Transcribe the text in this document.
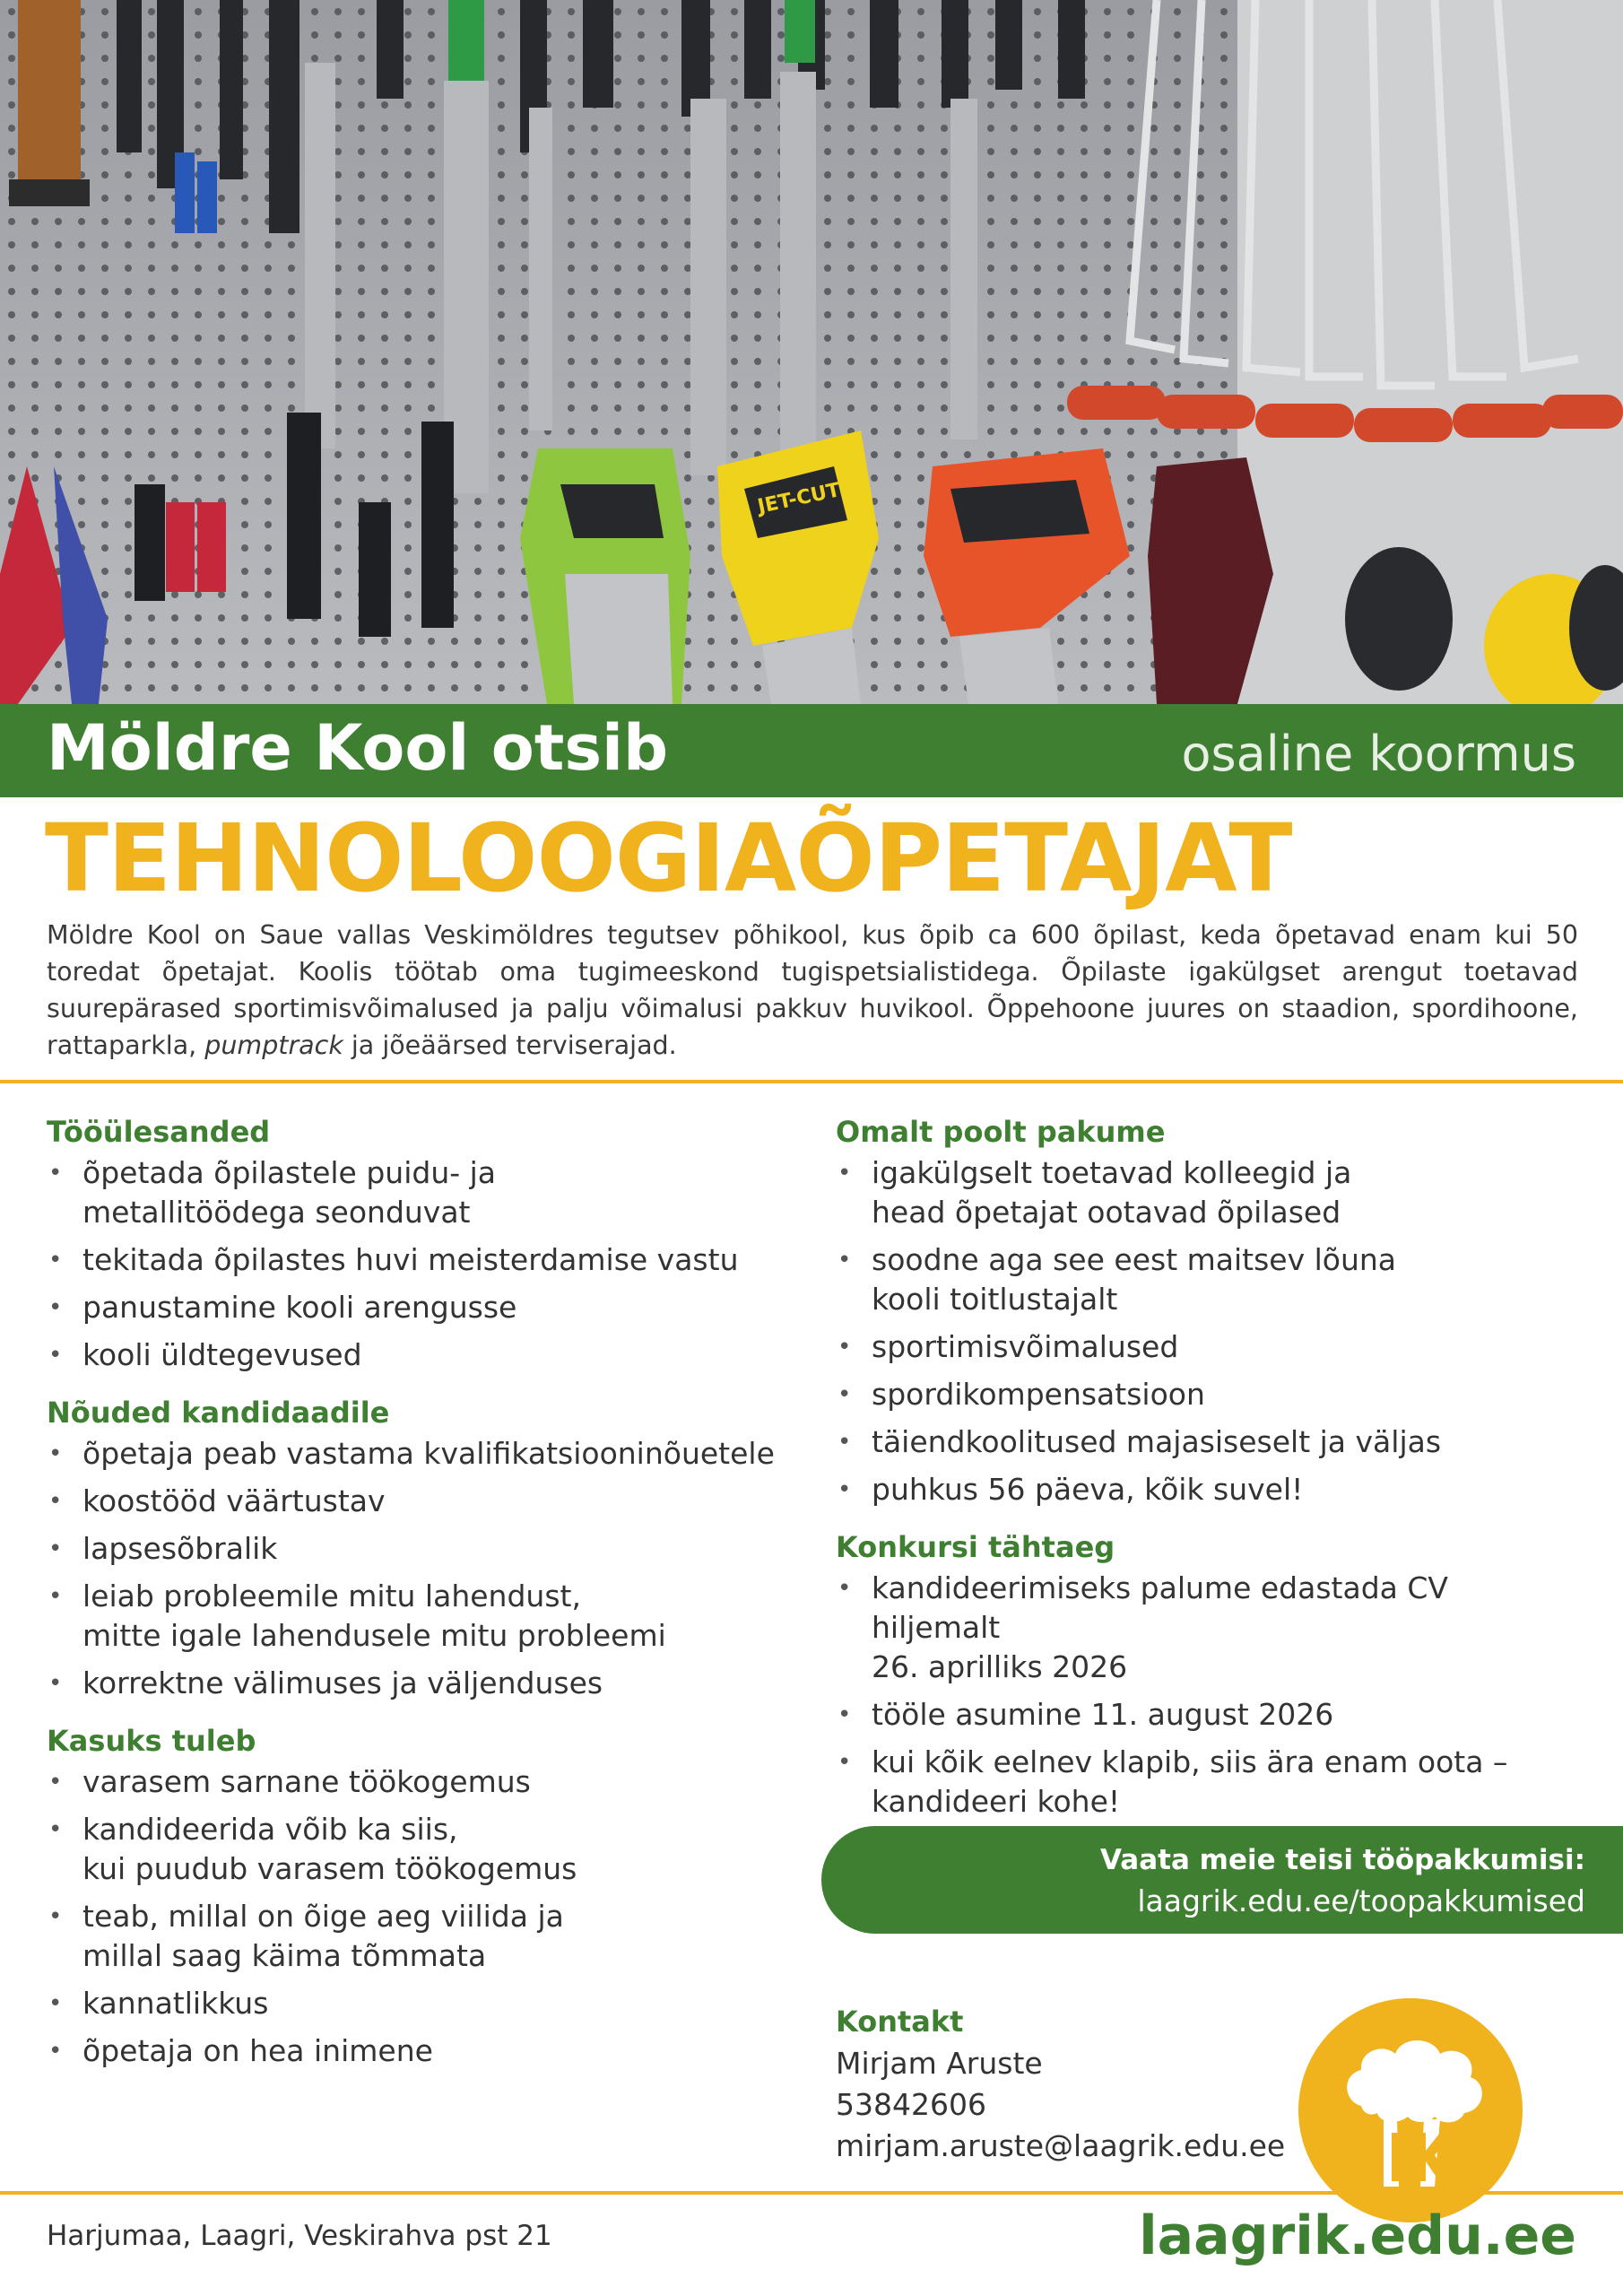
JET-CUT
Möldre Kool otsib	osaline koormus
TEHNOLOOGIAÕPETAJAT

Möldre Kool on Saue vallas Veskimöldres tegutsev põhikool, kus õpib ca 600 õpilast, keda õpetavad enam kui 50 toredat õpetajat. Koolis töötab oma tugimeeskond tugispetsialistidega. Õpilaste igakülgset arengut toetavad suurepärased sportimisvõimalused ja palju võimalusi pakkuv huvikool. Õppehoone juures on staadion, spordihoone, rattaparkla, pumptrack ja jõeäärsed terviserajad.

Tööülesanded
• õpetada õpilastele puidu- ja
metallitöödega seonduvat
• tekitada õpilastes huvi meisterdamise vastu
• panustamine kooli arengusse
• kooli üldtegevused
Nõuded kandidaadile
• õpetaja peab vastama kvalifikatsiooninõuetele
• koostööd väärtustav
• lapsesõbralik
• leiab probleemile mitu lahendust,
mitte igale lahendusele mitu probleemi
• korrektne välimuses ja väljenduses
Kasuks tuleb
• varasem sarnane töökogemus
• kandideerida võib ka siis,
kui puudub varasem töökogemus
• teab, millal on õige aeg viilida ja
millal saag käima tõmmata
• kannatlikkus
• õpetaja on hea inimene
Omalt poolt pakume
• igakülgselt toetavad kolleegid ja
head õpetajat ootavad õpilased
• soodne aga see eest maitsev lõuna
kooli toitlustajalt
• sportimisvõimalused
• spordikompensatsioon
• täiendkoolitused majasiseselt ja väljas
• puhkus 56 päeva, kõik suvel!
Konkursi tähtaeg
• kandideerimiseks palume edastada CV hiljemalt
26. aprilliks 2026
• tööle asumine 11. august 2026
• kui kõik eelnev klapib, siis ära enam oota –
kandideeri kohe!
Vaata meie teisi tööpakkumisi:
laagrik.edu.ee/toopakkumised
Kontakt
Mirjam Aruste
53842606
mirjam.aruste@laagrik.edu.ee
Harjumaa, Laagri, Veskirahva pst 21	laagrik.edu.ee
